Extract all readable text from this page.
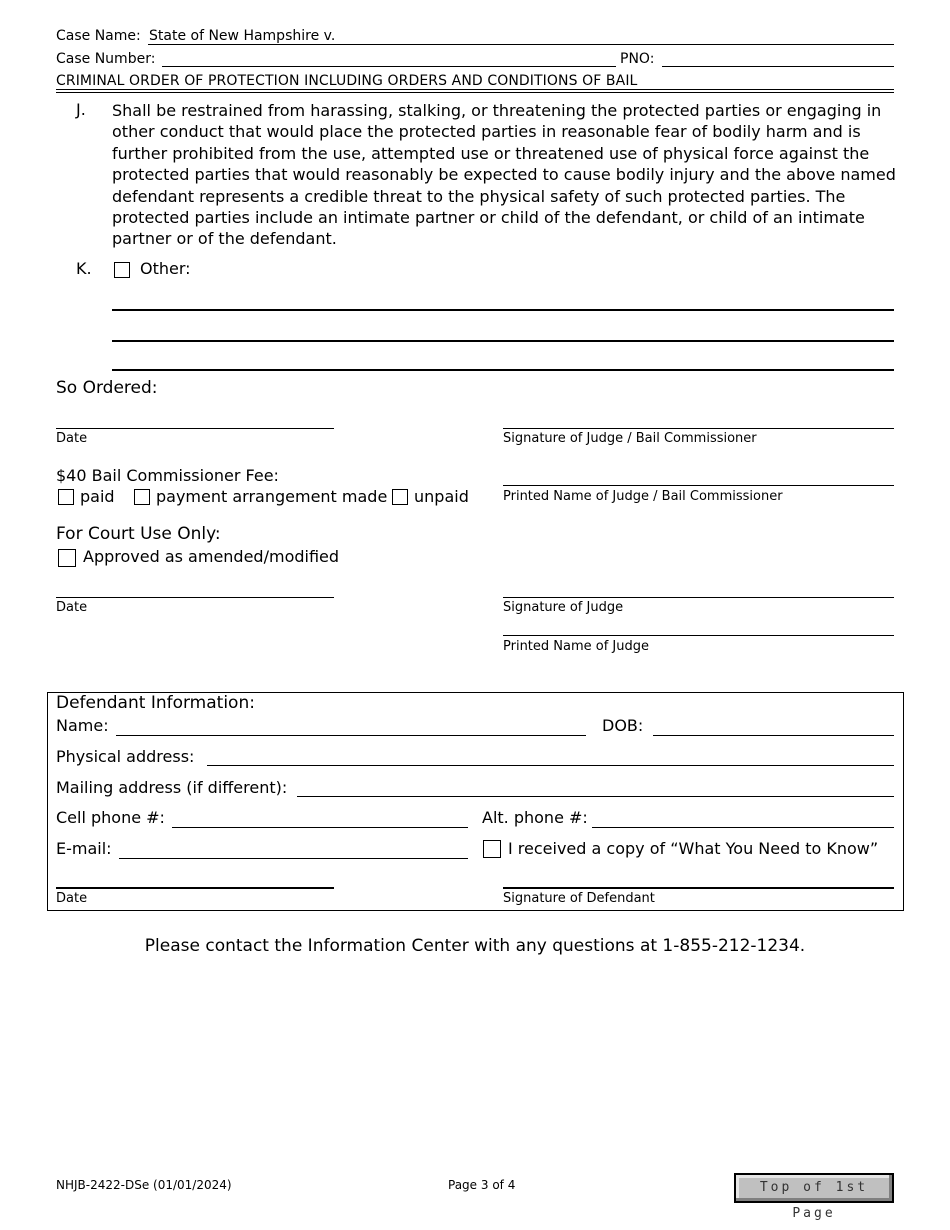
Case Name: State of New Hampshire v.
Case Number:	PNO:
CRIMINAL ORDER OF PROTECTION INCLUDING ORDERS AND CONDITIONS OF BAIL
J. Shall be restrained from harassing, stalking, or threatening the protected parties or engaging in other conduct that would place the protected parties in reasonable fear of bodily harm and is further prohibited from the use, attempted use or threatened use of physical force against the protected parties that would reasonably be expected to cause bodily injury and the above named defendant represents a credible threat to the physical safety of such protected parties. The protected parties include an intimate partner or child of the defendant, or child of an intimate partner or of the defendant.
K.	Other:
So Ordered:
Date	Signature of Judge / Bail Commissioner
$40 Bail Commissioner Fee:
paid	payment arrangement made unpaid	Printed Name of Judge / Bail Commissioner
For Court Use Only:
Approved as amended/modified
Date	Signature of Judge
Printed Name of Judge
Defendant Information:
Name:	DOB:
Physical address:
Mailing address (if different):
Cell phone #:	Alt. phone #:
E-mail:	I received a copy of “What You Need to Know”
Date	Signature of Defendant
Please contact the Information Center with any questions at 1-855-212-1234.
NHJB-2422-DSe (01/01/2024)	Page 3 of 4	Top of 1st Page
